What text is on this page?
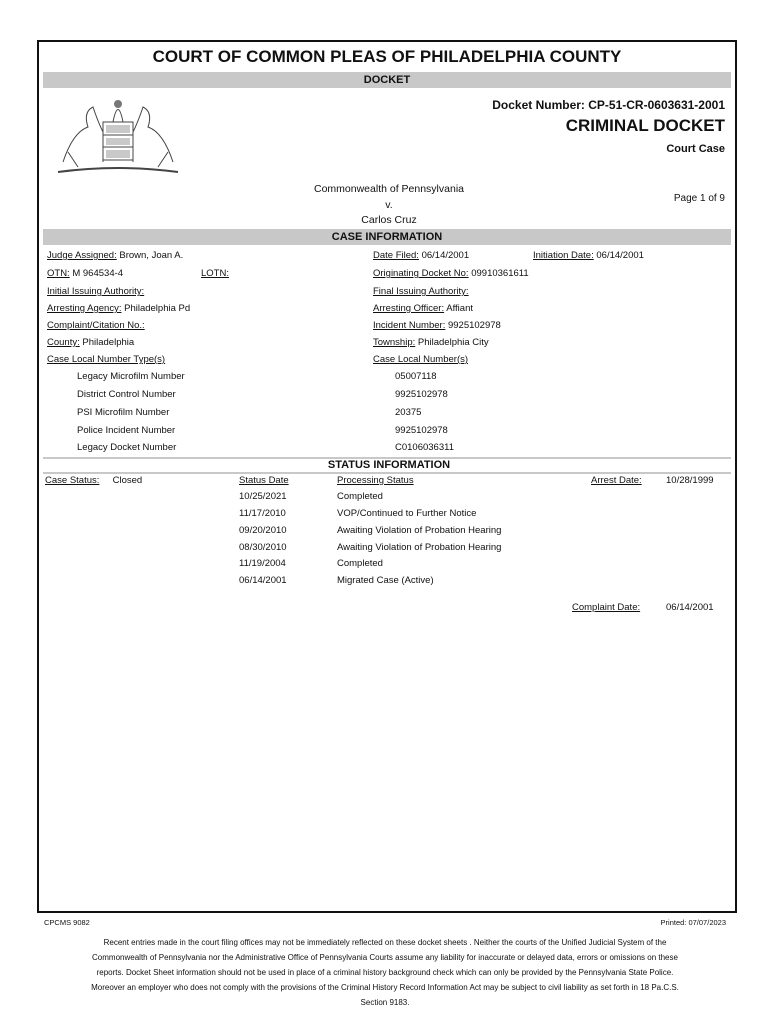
COURT OF COMMON PLEAS OF PHILADELPHIA COUNTY
DOCKET
Docket Number: CP-51-CR-0603631-2001
CRIMINAL DOCKET
Court Case
Commonwealth of Pennsylvania
v.
Carlos Cruz
Page 1 of 9
CASE INFORMATION
Judge Assigned: Brown, Joan A.	Date Filed: 06/14/2001	Initiation Date: 06/14/2001
OTN: M 964534-4	LOTN:	Originating Docket No: 09910361611
Initial Issuing Authority:	Final Issuing Authority:
Arresting Agency: Philadelphia Pd	Arresting Officer: Affiant
Complaint/Citation No.:	Incident Number: 9925102978
County: Philadelphia	Township: Philadelphia City
Case Local Number Type(s)	Case Local Number(s)
Legacy Microfilm Number	05007118
District Control Number	9925102978
PSI Microfilm Number	20375
Police Incident Number	9925102978
Legacy Docket Number	C0106036311
STATUS INFORMATION
Case Status: Closed	Status Date	Processing Status	Arrest Date:	10/28/1999
10/25/2021	Completed
11/17/2010	VOP/Continued to Further Notice
09/20/2010	Awaiting Violation of Probation Hearing
08/30/2010	Awaiting Violation of Probation Hearing
11/19/2004	Completed
06/14/2001	Migrated Case (Active)
Complaint Date:	06/14/2001
CPCMS 9082	Printed: 07/07/2023
Recent entries made in the court filing offices may not be immediately reflected on these docket sheets . Neither the courts of the Unified Judicial System of the Commonwealth of Pennsylvania nor the Administrative Office of Pennsylvania Courts assume any liability for inaccurate or delayed data, errors or omissions on these reports. Docket Sheet information should not be used in place of a criminal history background check which can only be provided by the Pennsylvania State Police. Moreover an employer who does not comply with the provisions of the Criminal History Record Information Act may be subject to civil liability as set forth in 18 Pa.C.S. Section 9183.
